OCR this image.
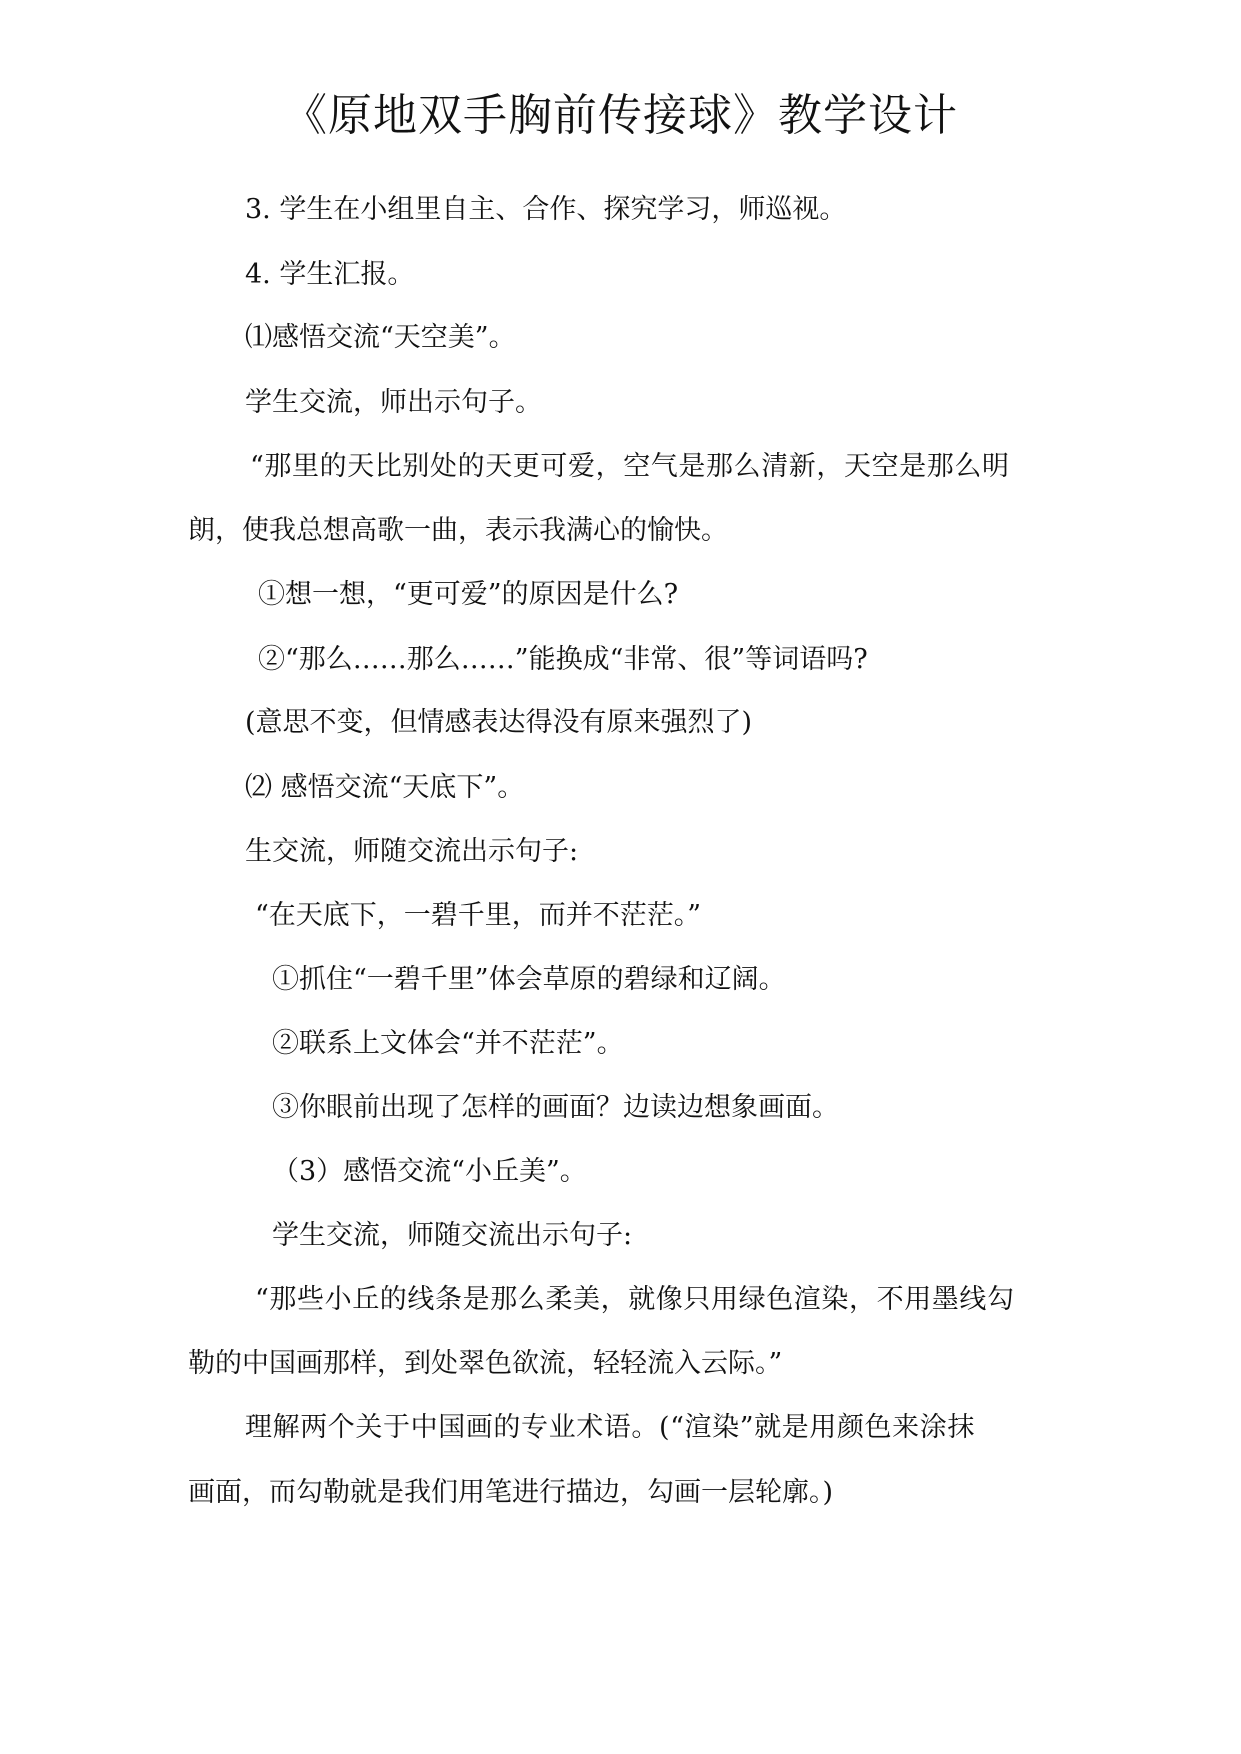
《原地双手胸前传接球》教学设计
3. 学生在小组里自主、合作、探究学习，师巡视。
4. 学生汇报。
⑴感悟交流“天空美”。
学生交流，师出示句子。
“那里的天比别处的天更可爱，空气是那么清新，天空是那么明
朗，使我总想高歌一曲，表示我满心的愉快。
①想一想，“更可爱”的原因是什么?
②“那么……那么……”能换成“非常、很”等词语吗?
(意思不变，但情感表达得没有原来强烈了)
⑵ 感悟交流“天底下”。
生交流，师随交流出示句子:
“在天底下，一碧千里，而并不茫茫。”
①抓住“一碧千里”体会草原的碧绿和辽阔。
②联系上文体会“并不茫茫”。
③你眼前出现了怎样的画面？边读边想象画面。
（3）感悟交流“小丘美”。
学生交流，师随交流出示句子:
“那些小丘的线条是那么柔美，就像只用绿色渲染，不用墨线勾
勒的中国画那样，到处翠色欲流，轻轻流入云际。”
理解两个关于中国画的专业术语。(“渲染”就是用颜色来涂抹
画面，而勾勒就是我们用笔进行描边，勾画一层轮廓。)
